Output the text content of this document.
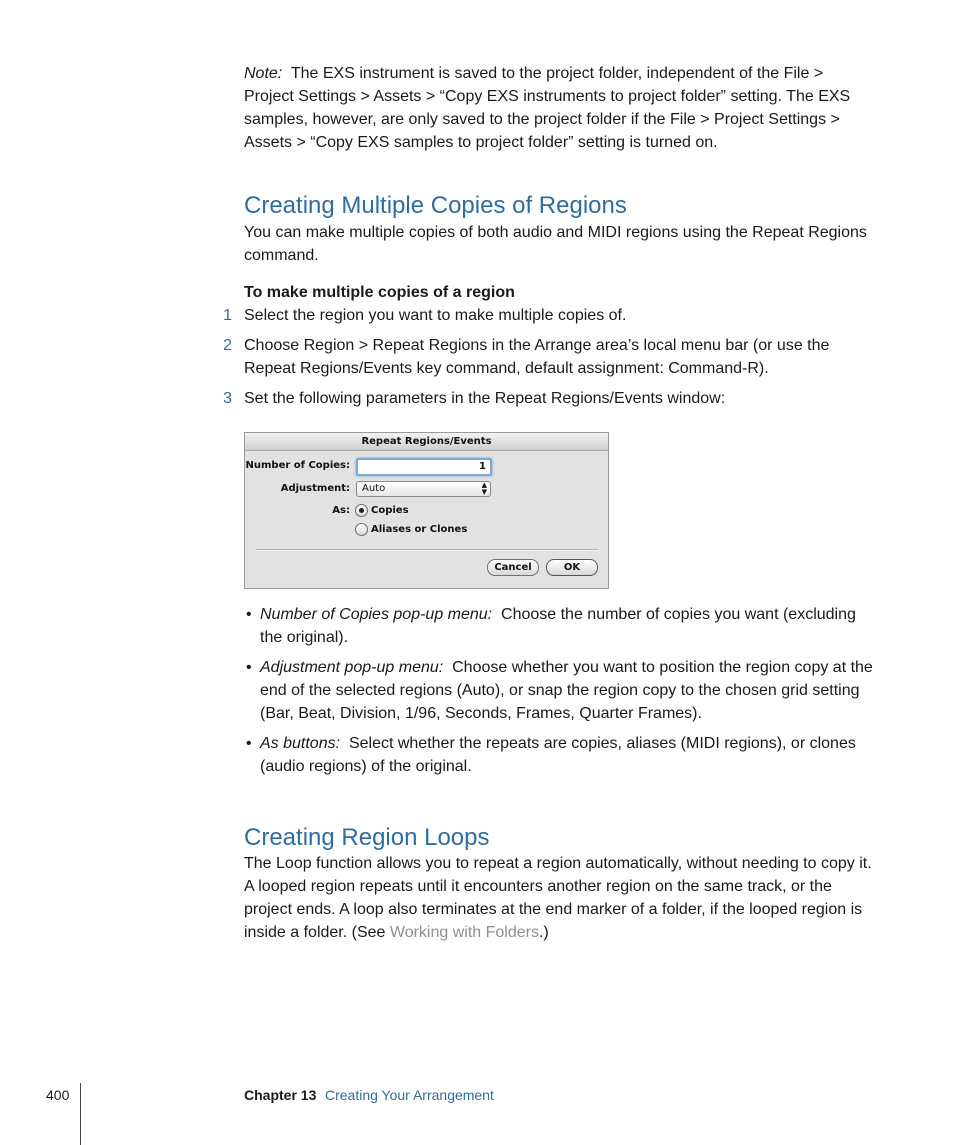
Note: The EXS instrument is saved to the project folder, independent of the File > Project Settings > Assets > “Copy EXS instruments to project folder” setting. The EXS samples, however, are only saved to the project folder if the File > Project Settings > Assets > “Copy EXS samples to project folder” setting is turned on.
Creating Multiple Copies of Regions
You can make multiple copies of both audio and MIDI regions using the Repeat Regions command.
To make multiple copies of a region
1 Select the region you want to make multiple copies of.
2 Choose Region > Repeat Regions in the Arrange area’s local menu bar (or use the Repeat Regions/Events key command, default assignment: Command-R).
3 Set the following parameters in the Repeat Regions/Events window:
Repeat Regions/Events
Number of Copies:	1
Adjustment:	Auto	▲
▼
As: Copies
Aliases or Clones
Cancel	OK
• Number of Copies pop-up menu: Choose the number of copies you want (excluding the original).
• Adjustment pop-up menu: Choose whether you want to position the region copy at the end of the selected regions (Auto), or snap the region copy to the chosen grid setting (Bar, Beat, Division, 1/96, Seconds, Frames, Quarter Frames).
• As buttons: Select whether the repeats are copies, aliases (MIDI regions), or clones (audio regions) of the original.
Creating Region Loops
The Loop function allows you to repeat a region automatically, without needing to copy it. A looped region repeats until it encounters another region on the same track, or the project ends. A loop also terminates at the end marker of a folder, if the looped region is inside a folder. (See Working with Folders.)
400	Chapter 13 Creating Your Arrangement
